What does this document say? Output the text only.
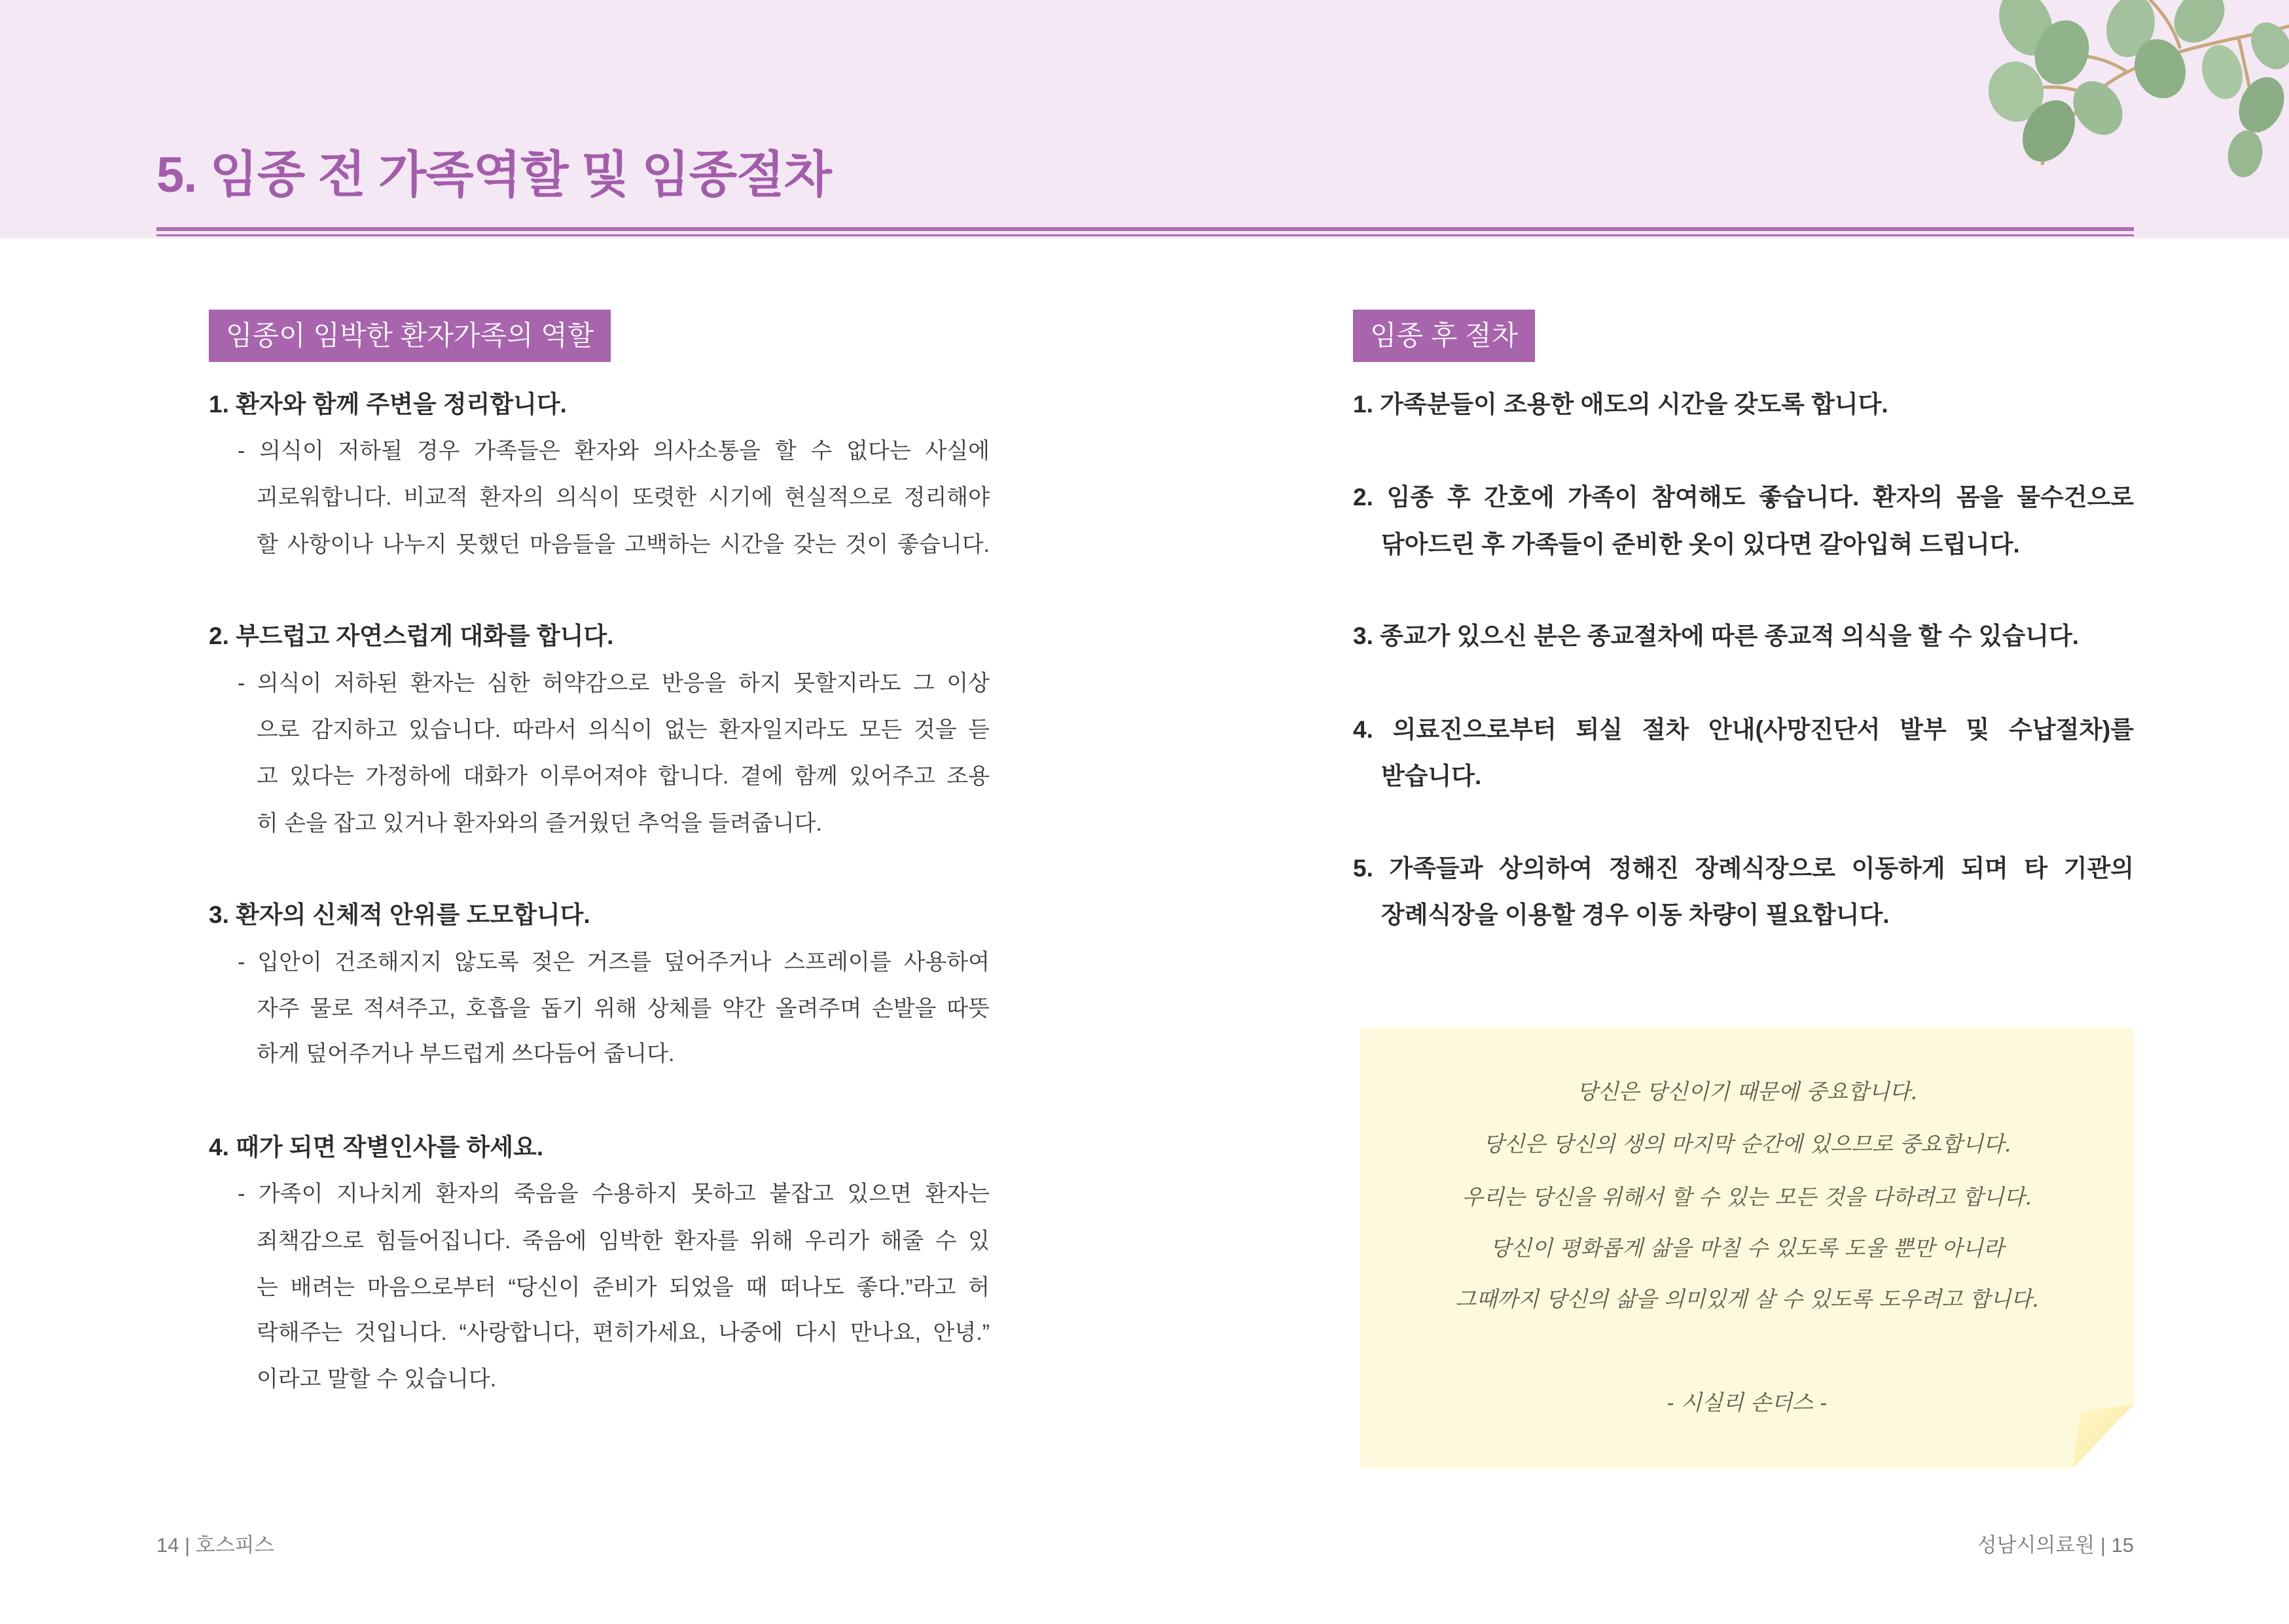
5. 임종 전 가족역할 및 임종절차
임종이 임박한 환자가족의 역할
1. 환자와 함께 주변을 정리합니다.
- 의식이 저하될 경우 가족들은 환자와 의사소통을 할 수 없다는 사실에
괴로워합니다. 비교적 환자의 의식이 또렷한 시기에 현실적으로 정리해야
할 사항이나 나누지 못했던 마음들을 고백하는 시간을 갖는 것이 좋습니다.
2. 부드럽고 자연스럽게 대화를 합니다.
- 의식이 저하된 환자는 심한 허약감으로 반응을 하지 못할지라도 그 이상
으로 감지하고 있습니다. 따라서 의식이 없는 환자일지라도 모든 것을 듣
고 있다는 가정하에 대화가 이루어져야 합니다. 곁에 함께 있어주고 조용
히 손을 잡고 있거나 환자와의 즐거웠던 추억을 들려줍니다.
3. 환자의 신체적 안위를 도모합니다.
- 입안이 건조해지지 않도록 젖은 거즈를 덮어주거나 스프레이를 사용하여
자주 물로 적셔주고, 호흡을 돕기 위해 상체를 약간 올려주며 손발을 따뜻
하게 덮어주거나 부드럽게 쓰다듬어 줍니다.
4. 때가 되면 작별인사를 하세요.
- 가족이 지나치게 환자의 죽음을 수용하지 못하고 붙잡고 있으면 환자는
죄책감으로 힘들어집니다. 죽음에 임박한 환자를 위해 우리가 해줄 수 있
는 배려는 마음으로부터 “당신이 준비가 되었을 때 떠나도 좋다.”라고 허
락해주는 것입니다. “사랑합니다, 편히가세요, 나중에 다시 만나요, 안녕.”
이라고 말할 수 있습니다.
임종 후 절차
1. 가족분들이 조용한 애도의 시간을 갖도록 합니다.
2. 임종 후 간호에 가족이 참여해도 좋습니다. 환자의 몸을 물수건으로
닦아드린 후 가족들이 준비한 옷이 있다면 갈아입혀 드립니다.
3. 종교가 있으신 분은 종교절차에 따른 종교적 의식을 할 수 있습니다.
4. 의료진으로부터 퇴실 절차 안내(사망진단서 발부 및 수납절차)를
받습니다.
5. 가족들과 상의하여 정해진 장례식장으로 이동하게 되며 타 기관의
장례식장을 이용할 경우 이동 차량이 필요합니다.
당신은 당신이기 때문에 중요합니다.
당신은 당신의 생의 마지막 순간에 있으므로 중요합니다.
우리는 당신을 위해서 할 수 있는 모든 것을 다하려고 합니다.
당신이 평화롭게 삶을 마칠 수 있도록 도울 뿐만 아니라
그때까지 당신의 삶을 의미있게 살 수 있도록 도우려고 합니다.
- 시실리 손더스 -
14 | 호스피스	성남시의료원 | 15
